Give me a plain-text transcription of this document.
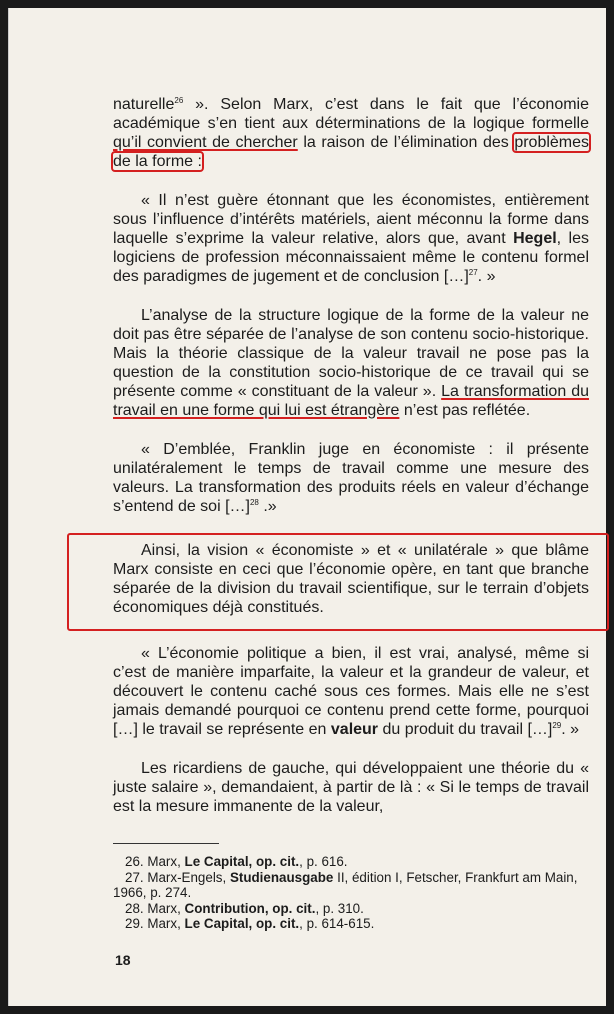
naturelle$^{26}$ ». Selon Marx, c’est dans le fait que l’économie académique s’en tient aux déterminations de la logique formelle qu’il convient de chercher la raison de l’élimination des problèmes de la forme :

« Il n’est guère étonnant que les économistes, entièrement sous l’influence d’intérêts matériels, aient méconnu la forme dans laquelle s’exprime la valeur relative, alors que, avant Hegel, les logiciens de profession méconnaissaient même le contenu formel des paradigmes de jugement et de conclusion […]$^{27}$. »

L’analyse de la structure logique de la forme de la valeur ne doit pas être séparée de l’analyse de son contenu socio-historique. Mais la théorie classique de la valeur travail ne pose pas la question de la constitution socio-historique de ce travail qui se présente comme « constituant de la valeur ». La transformation du travail en une forme qui lui est étrangère n’est pas reflétée.

« D’emblée, Franklin juge en économiste : il présente unilatéralement le temps de travail comme une mesure des valeurs. La transformation des produits réels en valeur d’échange s’entend de soi […]$^{28}$ .»

Ainsi, la vision « économiste » et « unilatérale » que blâme Marx consiste en ceci que l’économie opère, en tant que branche séparée de la division du travail scientifique, sur le terrain d’objets économiques déjà constitués.

« L’économie politique a bien, il est vrai, analysé, même si c’est de manière imparfaite, la valeur et la grandeur de valeur, et découvert le contenu caché sous ces formes. Mais elle ne s’est jamais demandé pourquoi ce contenu prend cette forme, pourquoi […] le travail se représente en valeur du produit du travail […]$^{29}$. »

Les ricardiens de gauche, qui développaient une théorie du « juste salaire », demandaient, à partir de là : « Si le temps de travail est la mesure immanente de la valeur,

26. Marx, Le Capital, op. cit., p. 616.

27. Marx-Engels, Studienausgabe II, édition I, Fetscher, Frankfurt am Main, 1966, p. 274.

28. Marx, Contribution, op. cit., p. 310.

29. Marx, Le Capital, op. cit., p. 614-615.

18
